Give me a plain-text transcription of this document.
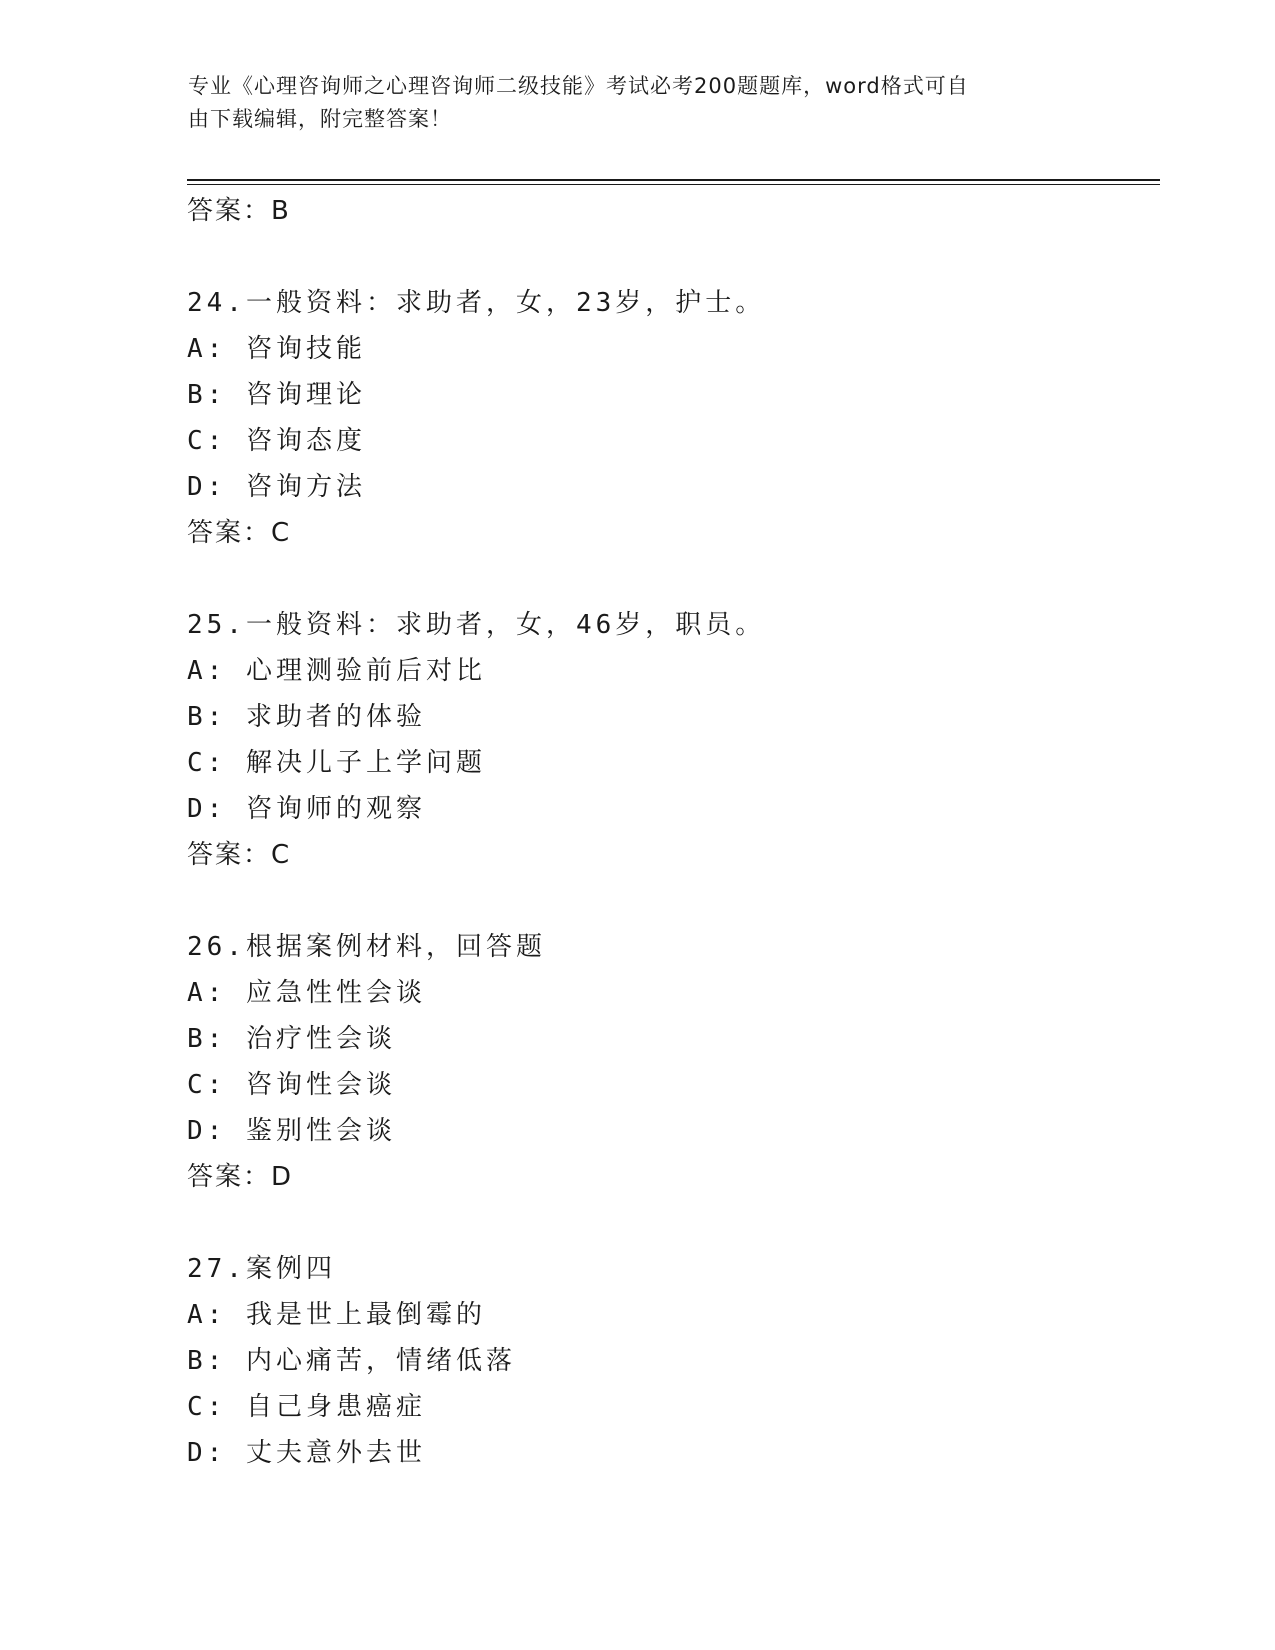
专业《心理咨询师之心理咨询师二级技能》考试必考200题题库，word格式可自
由下载编辑，附完整答案！
答案：B
24.一般资料：求助者，女，23岁，护士。
A: 咨询技能
B: 咨询理论
C: 咨询态度
D: 咨询方法
答案：C
25.一般资料：求助者，女，46岁，职员。
A: 心理测验前后对比
B: 求助者的体验
C: 解决儿子上学问题
D: 咨询师的观察
答案：C
26.根据案例材料，回答题
A: 应急性性会谈
B: 治疗性会谈
C: 咨询性会谈
D: 鉴别性会谈
答案：D
27.案例四
A: 我是世上最倒霉的
B: 内心痛苦，情绪低落
C: 自己身患癌症
D: 丈夫意外去世
